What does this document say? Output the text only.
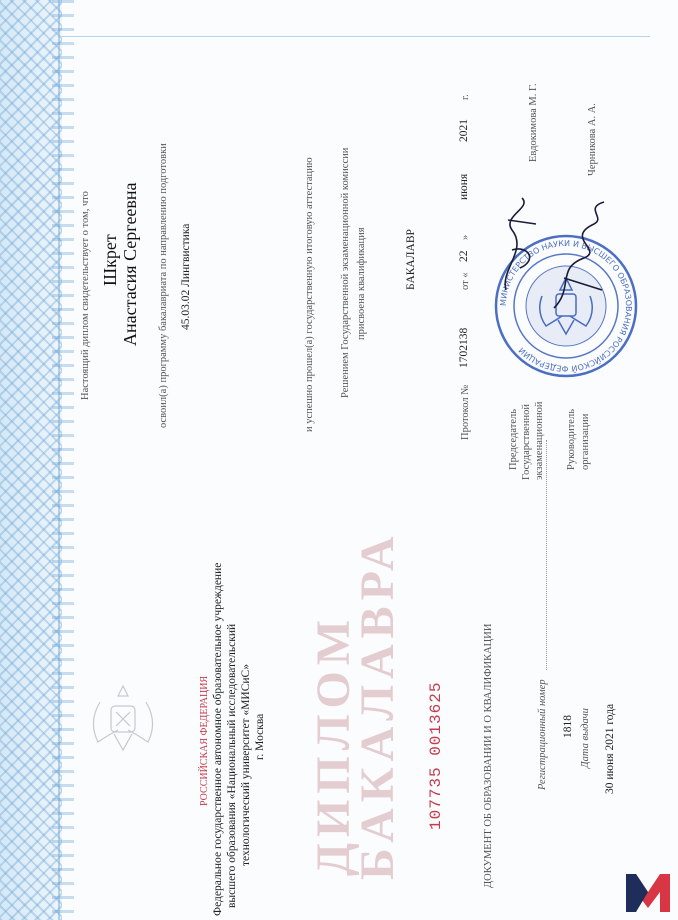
РОССИЙСКАЯ ФЕДЕРАЦИЯ Федеральное государственное автономное образовательное учреждение высшего образования «Национальный исследовательский технологический университет «МИСиС» г. Москва ДИПЛОМ
БАКАЛАВРА 107735 0013625	ДОКУМЕНТ ОБ ОБРАЗОВАНИИ И О КВАЛИФИКАЦИИ	Регистрационный номер 1818 Дата выдачи 30 июня 2021 года
Настоящий диплом свидетельствует о том, что Шкрет Анастасия Сергеевна освоил(а) программу бакалавриата по направлению подготовки 45.03.02 Лингвистика	и успешно прошел(а) государственную итоговую аттестацию Решением Государственной экзаменационной комиссии присвоена квалификация	БАКАЛАВР
Протокол №
1702138
от «
22
»
июня
2021
г.
Председатель Государственной экзаменационной
Евдокимова М. Г.
Руководитель организации
Черникова А. А.
МИНИСТЕРСТВО НАУКИ И ВЫСШЕГО ОБРАЗОВАНИЯ РОССИЙСКОЙ ФЕДЕРАЦИИ
